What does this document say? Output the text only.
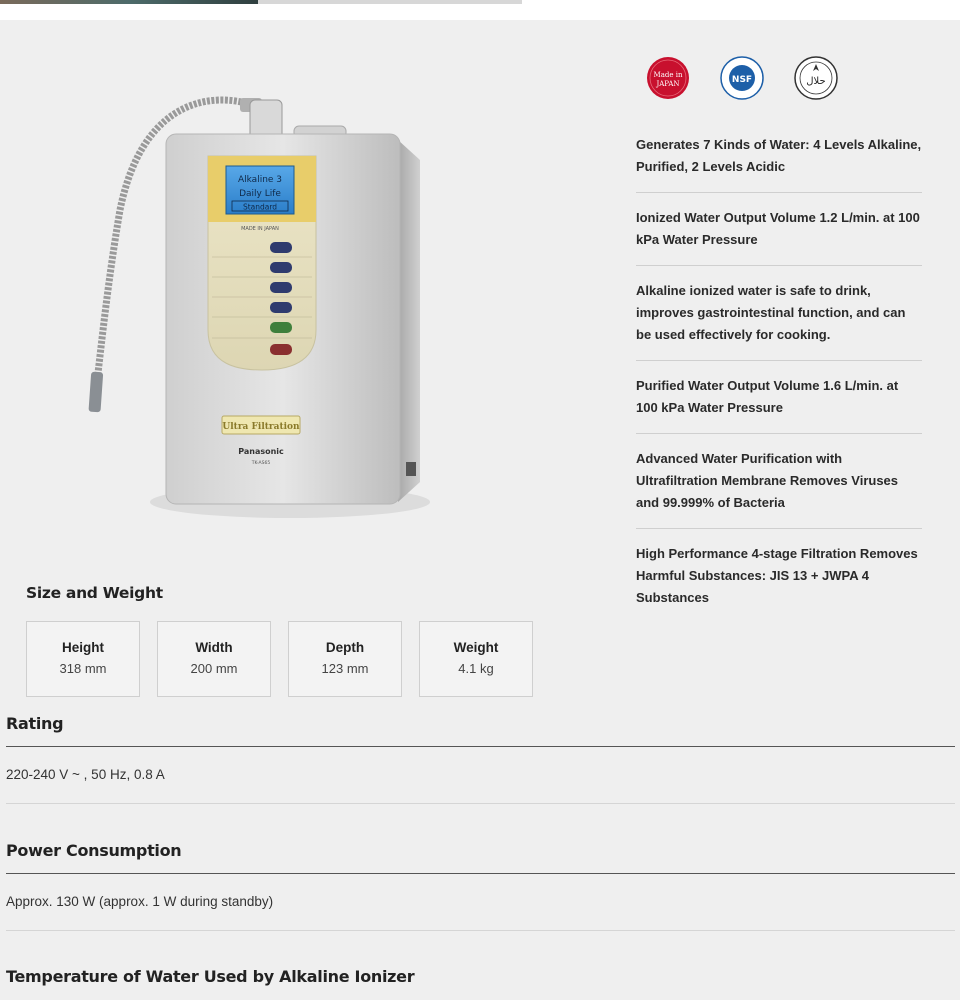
Alkaline 3
Daily Life
Standard
MADE IN JAPAN
Ultra Filtration
Panasonic
TK-AS65
Made in
JAPAN	NSF	حلال
Generates 7 Kinds of Water: 4 Levels Alkaline, Purified, 2 Levels Acidic
Ionized Water Output Volume 1.2 L/min. at 100 kPa Water Pressure
Alkaline ionized water is safe to drink, improves gastrointestinal function, and can be used effectively for cooking.
Purified Water Output Volume 1.6 L/min. at 100 kPa Water Pressure
Advanced Water Purification with Ultrafiltration Membrane Removes Viruses and 99.999% of Bacteria
High Performance 4-stage Filtration Removes Harmful Substances: JIS 13 + JWPA 4 Substances
Size and Weight
Height
318 mm
Width
200 mm
Depth
123 mm
Weight
4.1 kg
Rating
220-240 V ~ , 50 Hz, 0.8 A
Power Consumption
Approx. 130 W (approx. 1 W during standby)
Temperature of Water Used by Alkaline Ionizer
